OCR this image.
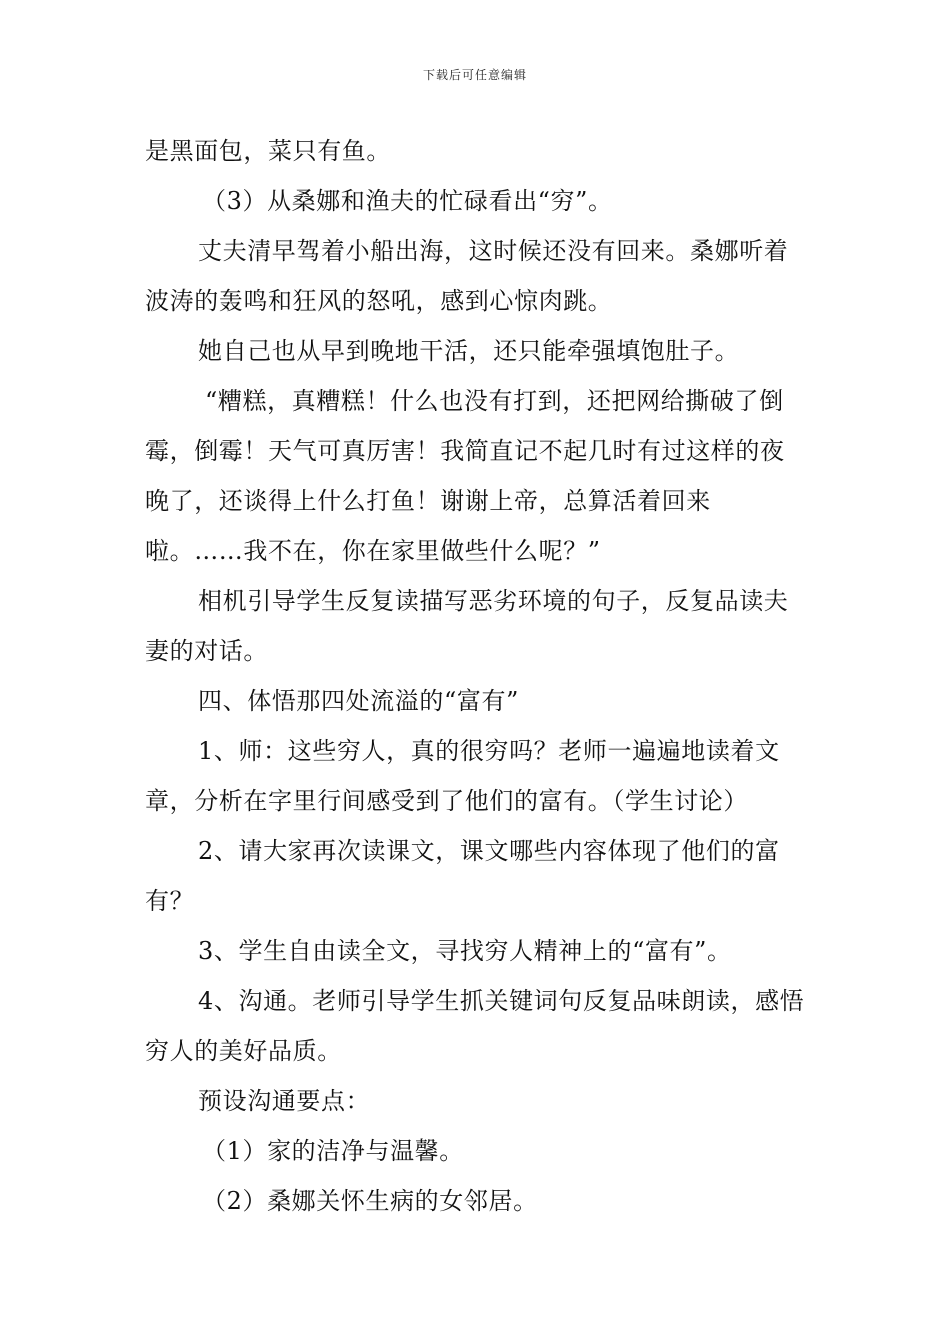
下载后可任意编辑

是黑面包，菜只有鱼。

（3）从桑娜和渔夫的忙碌看出“穷”。

丈夫清早驾着小船出海，这时候还没有回来。桑娜听着波涛的轰鸣和狂风的怒吼，感到心惊肉跳。

她自己也从早到晚地干活，还只能牵强填饱肚子。

“糟糕，真糟糕！什么也没有打到，还把网给撕破了倒霉，倒霉！天气可真厉害！我简直记不起几时有过这样的夜晚了，还谈得上什么打鱼！谢谢上帝，总算活着回来啦。……我不在，你在家里做些什么呢？”

相机引导学生反复读描写恶劣环境的句子，反复品读夫妻的对话。

四、体悟那四处流溢的“富有”

1、师：这些穷人，真的很穷吗？老师一遍遍地读着文章，分析在字里行间感受到了他们的富有。（学生讨论）

2、请大家再次读课文，课文哪些内容体现了他们的富有？

3、学生自由读全文，寻找穷人精神上的“富有”。

4、沟通。老师引导学生抓关键词句反复品味朗读，感悟穷人的美好品质。

预设沟通要点：

（1）家的洁净与温馨。

（2）桑娜关怀生病的女邻居。
